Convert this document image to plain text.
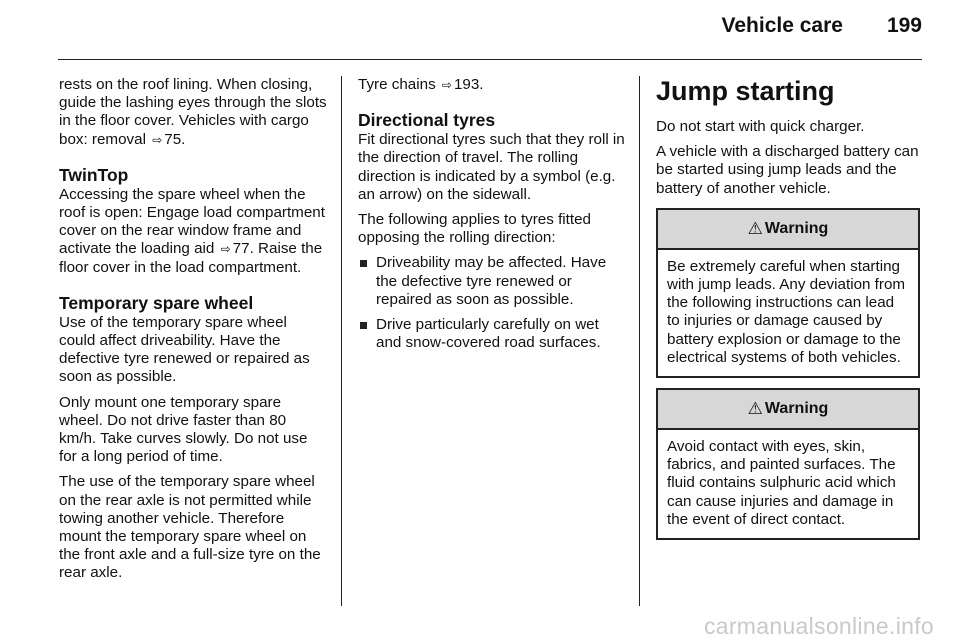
Vehicle care 199

rests on the roof lining. When closing, guide the lashing eyes through the slots in the floor cover. Vehicles with cargo box: removal ⇨ 75.

TwinTop

Accessing the spare wheel when the roof is open: Engage load compartment cover on the rear window frame and activate the loading aid ⇨ 77. Raise the floor cover in the load compartment.

Temporary spare wheel

Use of the temporary spare wheel could affect driveability. Have the defective tyre renewed or repaired as soon as possible.

Only mount one temporary spare wheel. Do not drive faster than 80 km/h. Take curves slowly. Do not use for a long period of time.

The use of the temporary spare wheel on the rear axle is not permitted while towing another vehicle. Therefore mount the temporary spare wheel on the front axle and a full-size tyre on the rear axle.

Tyre chains ⇨ 193.

Directional tyres

Fit directional tyres such that they roll in the direction of travel. The rolling direction is indicated by a symbol (e.g. an arrow) on the sidewall.

The following applies to tyres fitted opposing the rolling direction:

Driveability may be affected. Have the defective tyre renewed or repaired as soon as possible.
Drive particularly carefully on wet and snow-covered road surfaces.
Jump starting

Do not start with quick charger.

A vehicle with a discharged battery can be started using jump leads and the battery of another vehicle.

⚠ Warning
Be extremely careful when starting with jump leads. Any deviation from the following instructions can lead to injuries or damage caused by battery explosion or damage to the electrical systems of both vehicles.
⚠ Warning
Avoid contact with eyes, skin, fabrics, and painted surfaces. The fluid contains sulphuric acid which can cause injuries and damage in the event of direct contact.
carmanualsonline.info
